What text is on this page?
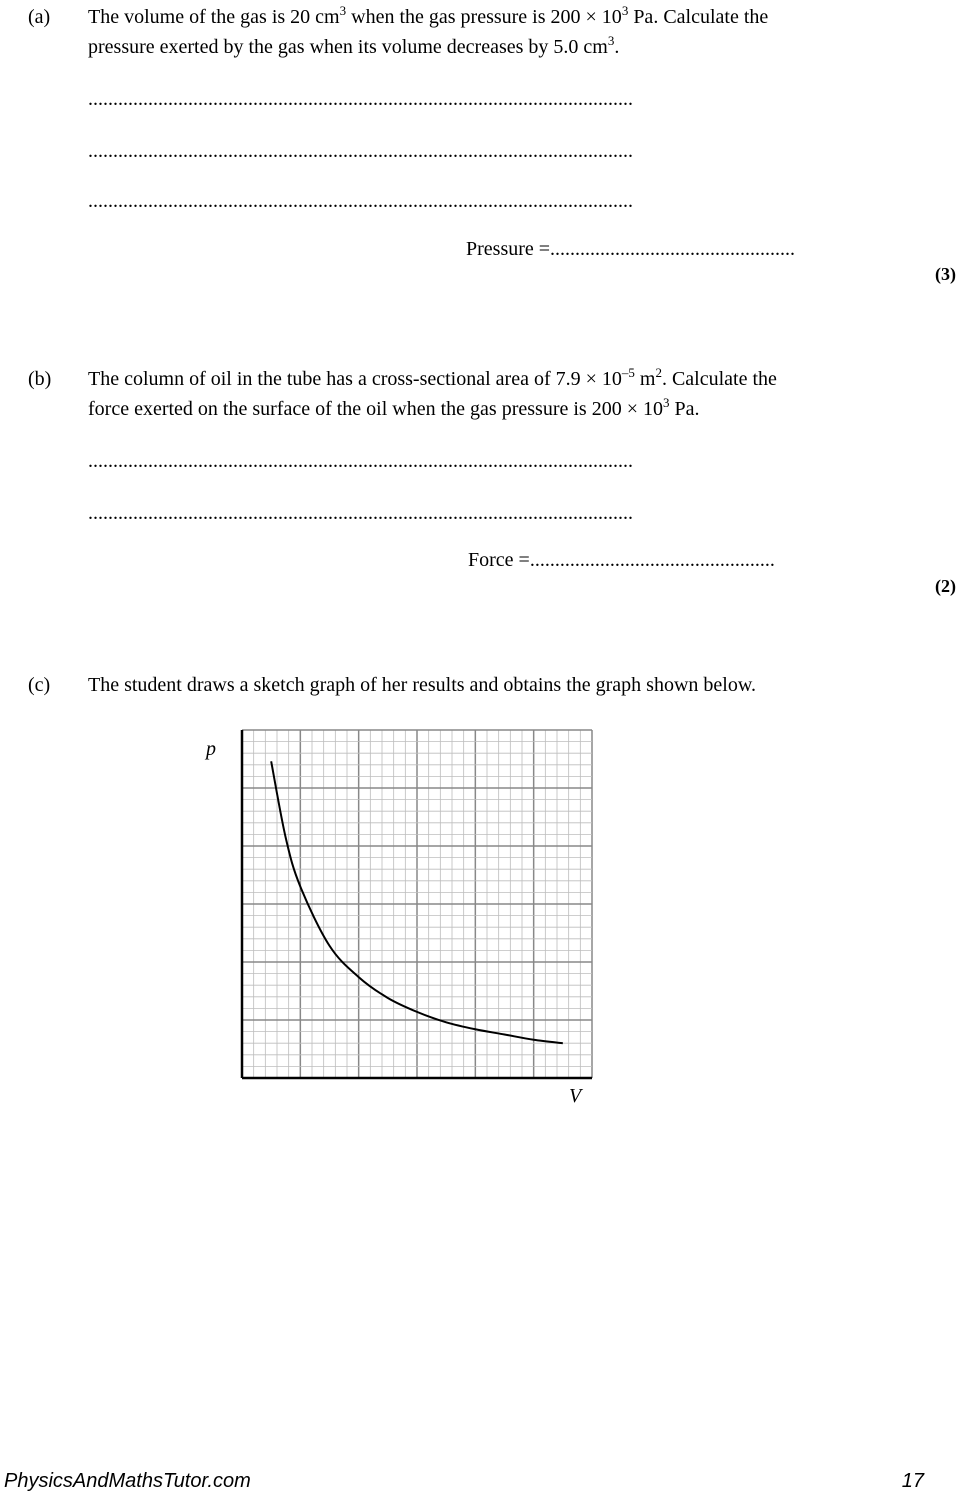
(a) The volume of the gas is 20 $cm^3$ when the gas pressure is $200 \times 10^3$ Pa. Calculate the
pressure exerted by the gas when its volume decreases by 5.0 $cm^3$.
.............................................................................................................
.............................................................................................................
.............................................................................................................
Pressure =.................................................
(3)
(b) The column of oil in the tube has a cross-sectional area of $7.9 \times 10^{-5}$ $m^2$. Calculate the
force exerted on the surface of the oil when the gas pressure is $200 \times 10^3$ Pa.
.............................................................................................................
.............................................................................................................
Force =.................................................
(2)
(c) The student draws a sketch graph of her results and obtains the graph shown below.
p
V
PhysicsAndMathsTutor.com	17
